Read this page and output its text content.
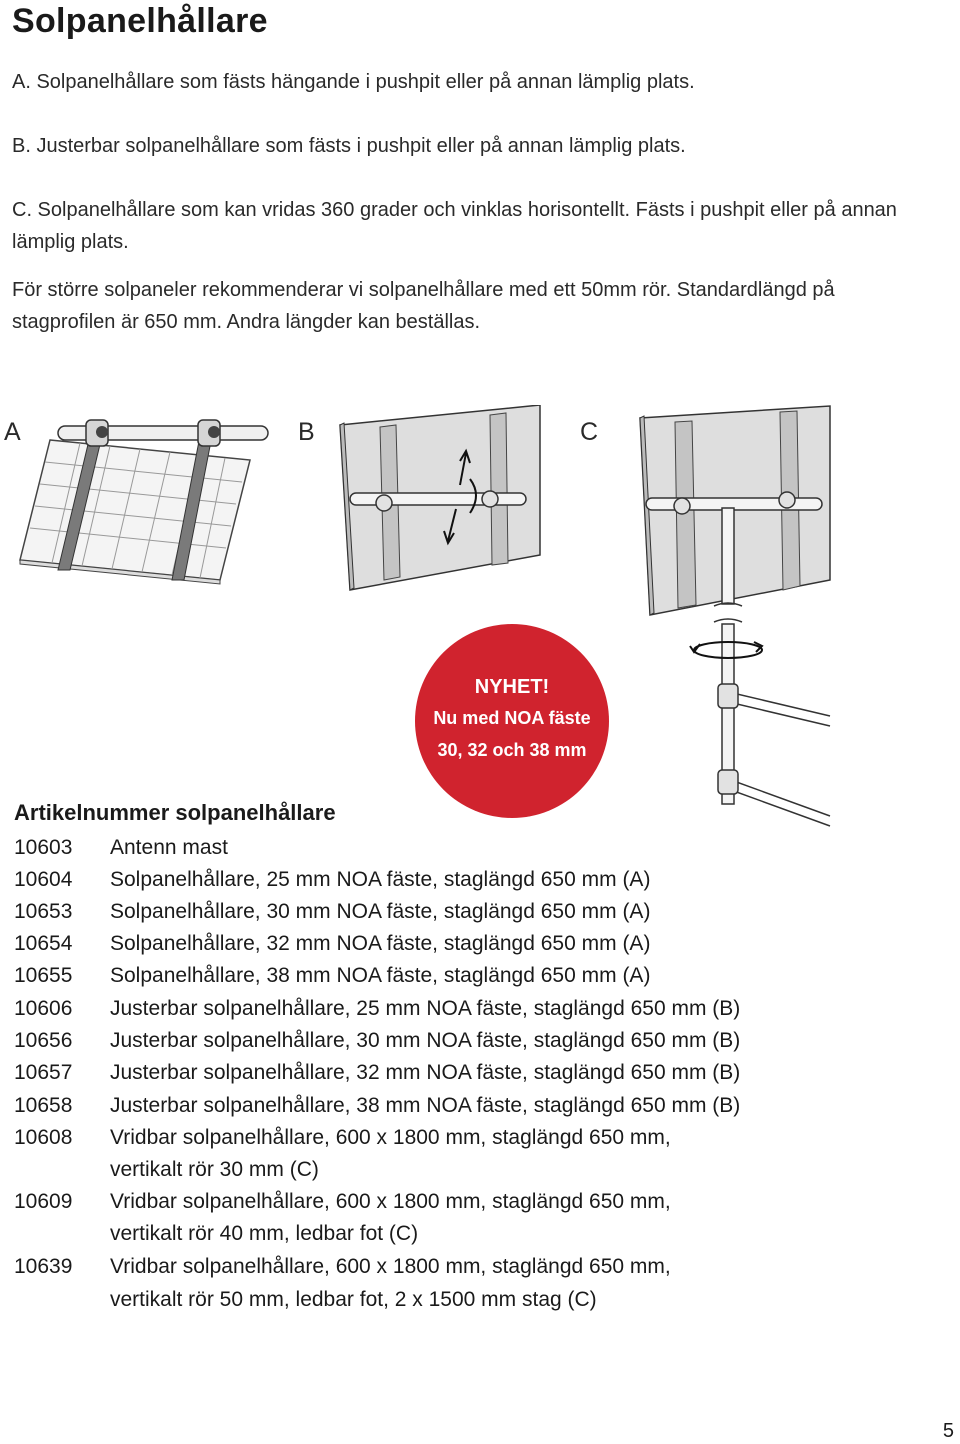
Solpanelhållare

A. Solpanelhållare som fästs hängande i pushpit eller på annan lämplig plats.

B. Justerbar solpanelhållare som fästs i pushpit eller på annan lämplig plats.

C. Solpanelhållare som kan vridas 360 grader och vinklas horisontellt. Fästs i pushpit eller på annan lämplig plats.

För större solpaneler rekommenderar vi solpanelhållare med ett 50mm rör. Standardlängd på stagprofilen är 650 mm. Andra längder kan beställas.

A	B	C
NYHET!
Nu med NOA fäste
30, 32 och 38 mm
Artikelnummer solpanelhållare
10603	Antenn mast
10604	Solpanelhållare, 25 mm NOA fäste, staglängd 650 mm (A)
10653	Solpanelhållare, 30 mm NOA fäste, staglängd 650 mm (A)
10654	Solpanelhållare, 32 mm NOA fäste, staglängd 650 mm (A)
10655	Solpanelhållare, 38 mm NOA fäste, staglängd 650 mm (A)
10606	Justerbar solpanelhållare, 25 mm NOA fäste, staglängd 650 mm (B)
10656	Justerbar solpanelhållare, 30 mm NOA fäste, staglängd 650 mm (B)
10657	Justerbar solpanelhållare, 32 mm NOA fäste, staglängd 650 mm (B)
10658	Justerbar solpanelhållare, 38 mm NOA fäste, staglängd 650 mm (B)
10608	Vridbar solpanelhållare, 600 x 1800 mm, staglängd 650 mm,
vertikalt rör 30 mm (C)
10609	Vridbar solpanelhållare, 600 x 1800 mm, staglängd 650 mm,
vertikalt rör 40 mm, ledbar fot (C)
10639	Vridbar solpanelhållare, 600 x 1800 mm, staglängd 650 mm,
vertikalt rör 50 mm, ledbar fot, 2 x 1500 mm stag (C)
5
